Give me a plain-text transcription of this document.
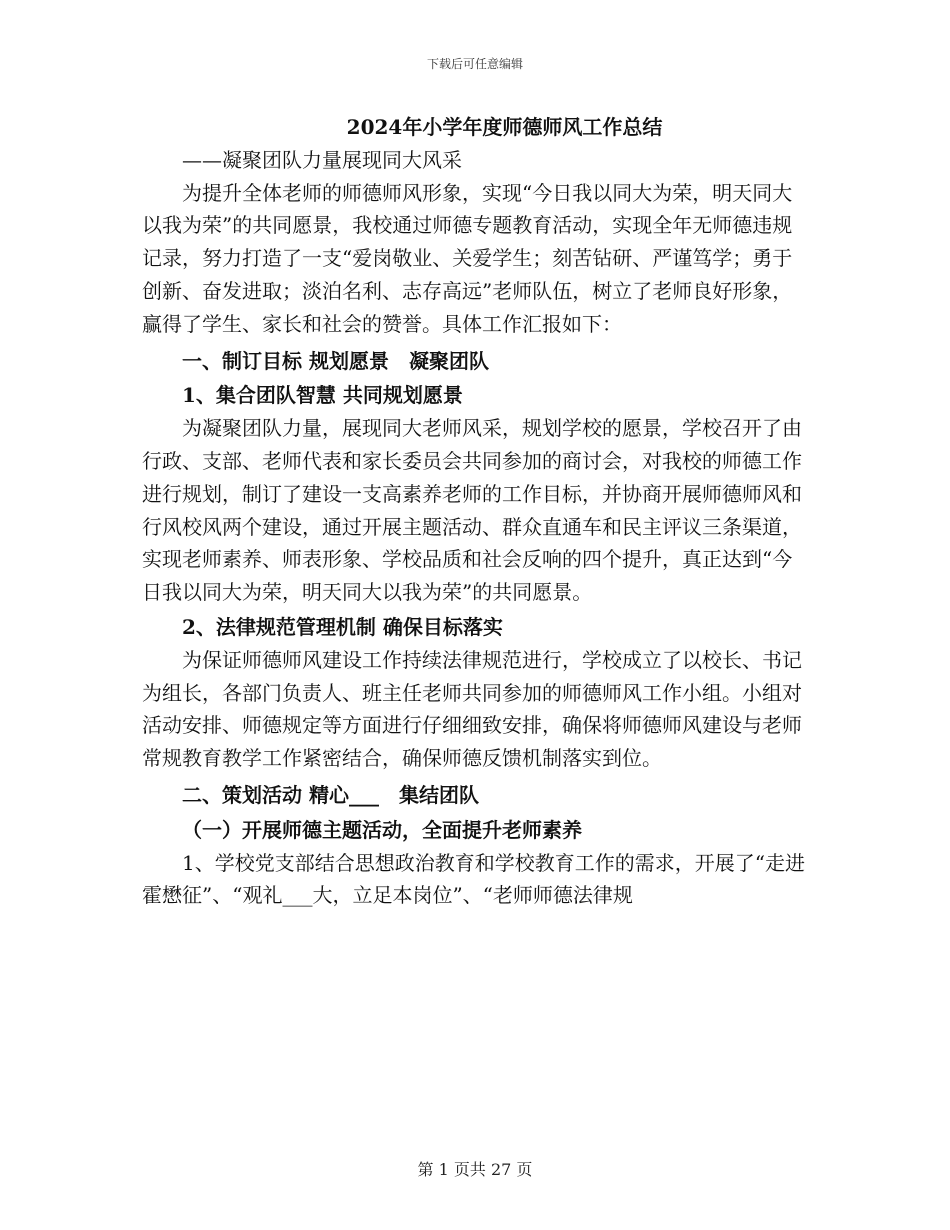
下载后可任意编辑

2024年小学年度师德师风工作总结

——凝聚团队力量展现同大风采

为提升全体老师的师德师风形象，实现“今日我以同大为荣，明天同大以我为荣”的共同愿景，我校通过师德专题教育活动，实现全年无师德违规记录，努力打造了一支“爱岗敬业、关爱学生；刻苦钻研、严谨笃学；勇于创新、奋发进取；淡泊名利、志存高远”老师队伍，树立了老师良好形象，赢得了学生、家长和社会的赞誉。具体工作汇报如下：

一、制订目标 规划愿景　凝聚团队

1、集合团队智慧 共同规划愿景

为凝聚团队力量，展现同大老师风采，规划学校的愿景，学校召开了由行政、支部、老师代表和家长委员会共同参加的商讨会，对我校的师德工作进行规划，制订了建设一支高素养老师的工作目标，并协商开展师德师风和行风校风两个建设，通过开展主题活动、群众直通车和民主评议三条渠道，实现老师素养、师表形象、学校品质和社会反响的四个提升，真正达到“今日我以同大为荣，明天同大以我为荣”的共同愿景。

2、法律规范管理机制 确保目标落实

为保证师德师风建设工作持续法律规范进行，学校成立了以校长、书记为组长，各部门负责人、班主任老师共同参加的师德师风工作小组。小组对活动安排、师德规定等方面进行仔细细致安排，确保将师德师风建设与老师常规教育教学工作紧密结合，确保师德反馈机制落实到位。

二、策划活动 精心___　集结团队

（一）开展师德主题活动，全面提升老师素养

1、学校党支部结合思想政治教育和学校教育工作的需求，开展了“走进霍懋征”、“观礼___大，立足本岗位”、“老师师德法律规

第 1 页共 27 页
